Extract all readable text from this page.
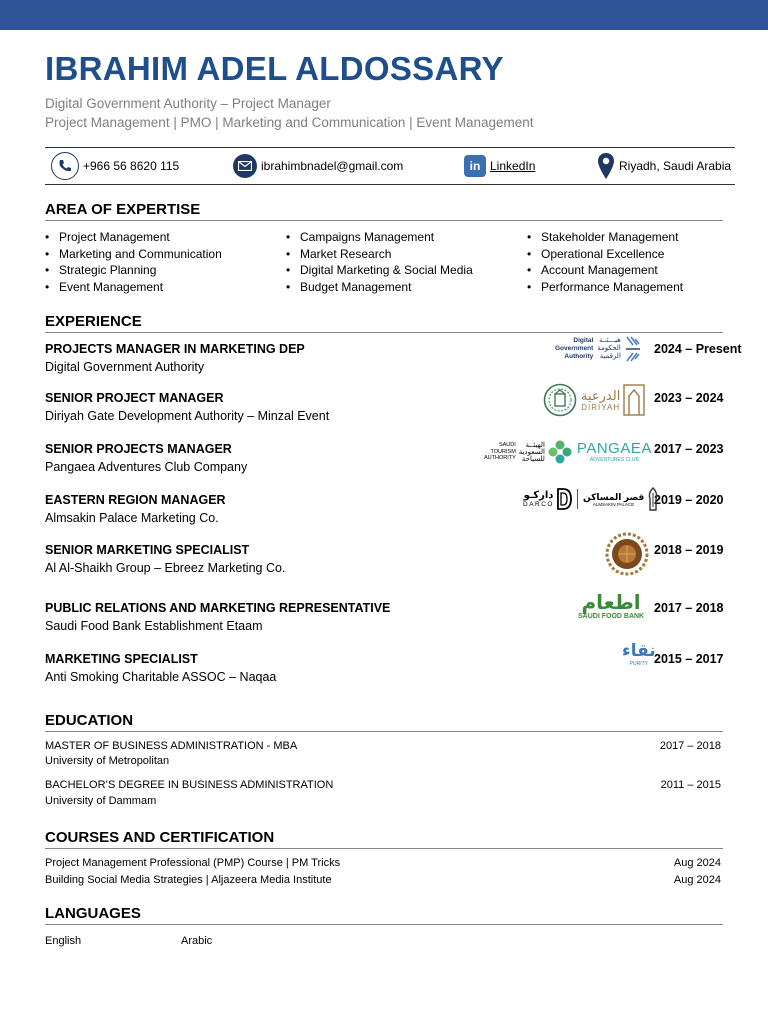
IBRAHIM ADEL ALDOSSARY
Digital Government Authority – Project Manager
Project Management | PMO | Marketing and Communication | Event Management
+966 56 8620 115	ibrahimbnadel@gmail.com	in LinkedIn	Riyadh, Saudi Arabia
AREA OF EXPERTISE
• Project Management
• Marketing and Communication
• Strategic Planning
• Event Management
• Campaigns Management
• Market Research
• Digital Marketing & Social Media
• Budget Management
• Stakeholder Management
• Operational Excellence
• Account Management
• Performance Management
EXPERIENCE
PROJECTS MANAGER IN MARKETING DEP
Digital Government Authority
2024 – Present
SENIOR PROJECT MANAGER
Diriyah Gate Development Authority – Minzal Event
2023 – 2024
SENIOR PROJECTS MANAGER
Pangaea Adventures Club Company
2017 – 2023
EASTERN REGION MANAGER
Almsakin Palace Marketing Co.
2019 – 2020
SENIOR MARKETING SPECIALIST
Al Al-Shaikh Group – Ebreez Marketing Co.
2018 – 2019
PUBLIC RELATIONS AND MARKETING REPRESENTATIVE
Saudi Food Bank Establishment Etaam
2017 – 2018
MARKETING SPECIALIST
Anti Smoking Charitable ASSOC – Naqaa
2015 – 2017
Digital
Government
Authority
هيـــئــة
الحكومة
الرقمية
الدرعية
DIRIYAH
SAUDI
TOURISM
AUTHORITY
الهيئــة
السعودية
للسياحة
PANGAEA
ADVENTURES CLUB
داركـو
DARCO
قصر المساكن
ALMSAKIN PALACE
اطعام
SAUDI FOOD BANK
نقاء
PURITY
EDUCATION
MASTER OF BUSINESS ADMINISTRATION - MBA
University of Metropolitan
2017 – 2018
BACHELOR’S DEGREE IN BUSINESS ADMINISTRATION
University of Dammam
2011 – 2015
COURSES AND CERTIFICATION
Project Management Professional (PMP) Course | PM Tricks	Aug 2024
Building Social Media Strategies | Aljazeera Media Institute	Aug 2024
LANGUAGES
English	Arabic
